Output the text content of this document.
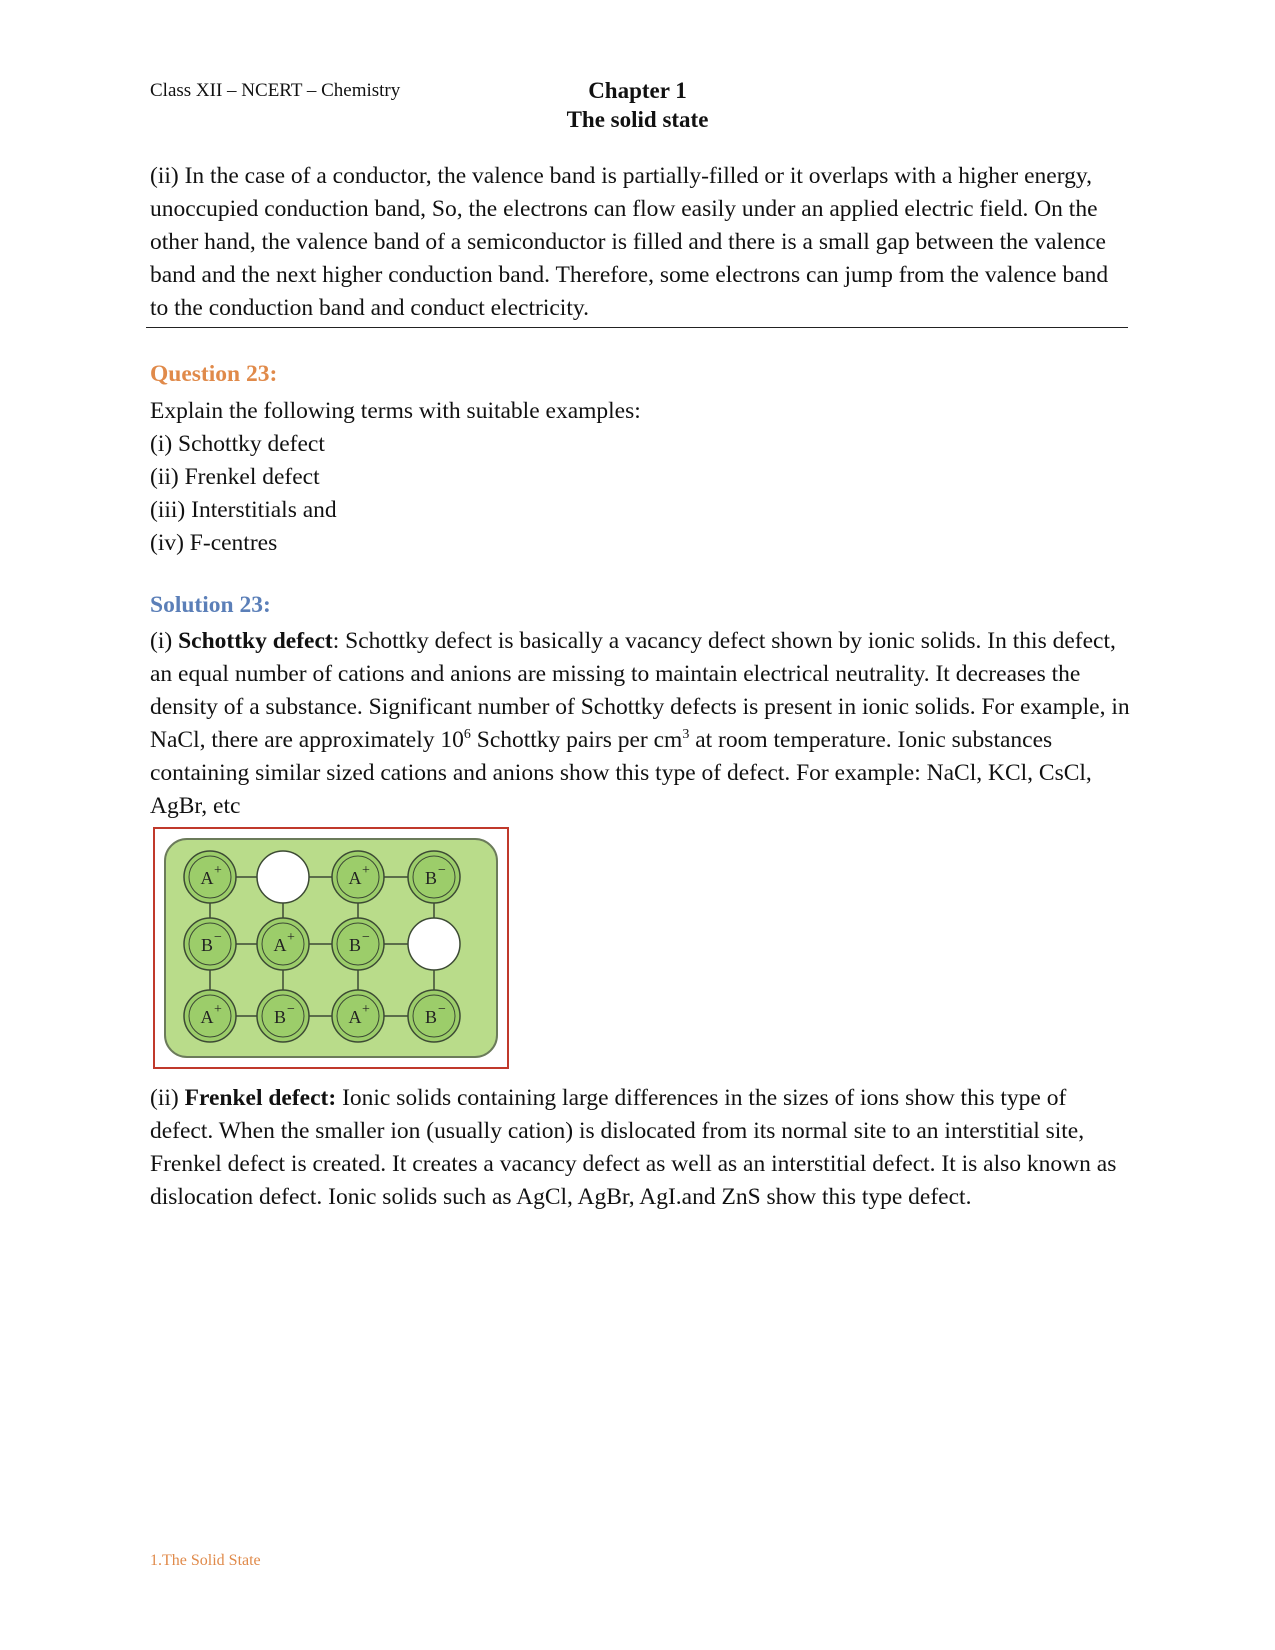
Class XII – NCERT – Chemistry	Chapter 1
The solid state

(ii) In the case of a conductor, the valence band is partially-filled or it overlaps with a higher energy, unoccupied conduction band, So, the electrons can flow easily under an applied electric field. On the other hand, the valence band of a semiconductor is filled and there is a small gap between the valence band and the next higher conduction band. Therefore, some electrons can jump from the valence band to the conduction band and conduct electricity.

Question 23:
Explain the following terms with suitable examples:
(i) Schottky defect
(ii) Frenkel defect
(iii) Interstitials and
(iv) F-centres
Solution 23:

(i) Schottky defect: Schottky defect is basically a vacancy defect shown by ionic solids. In this defect, an equal number of cations and anions are missing to maintain electrical neutrality. It decreases the density of a substance. Significant number of Schottky defects is present in ionic solids. For example, in NaCl, there are approximately $10^6$ Schottky pairs per $cm^3$ at room temperature. Ionic substances containing similar sized cations and anions show this type of defect. For example: NaCl, KCl, CsCl, AgBr, etc

A +	A +	B −
B −	A +	B −
A +	B −	A +	B −

(ii) Frenkel defect: Ionic solids containing large differences in the sizes of ions show this type of defect. When the smaller ion (usually cation) is dislocated from its normal site to an interstitial site, Frenkel defect is created. It creates a vacancy defect as well as an interstitial defect. It is also known as dislocation defect. Ionic solids such as AgCl, AgBr, AgI.and ZnS show this type defect.

1.The Solid State
